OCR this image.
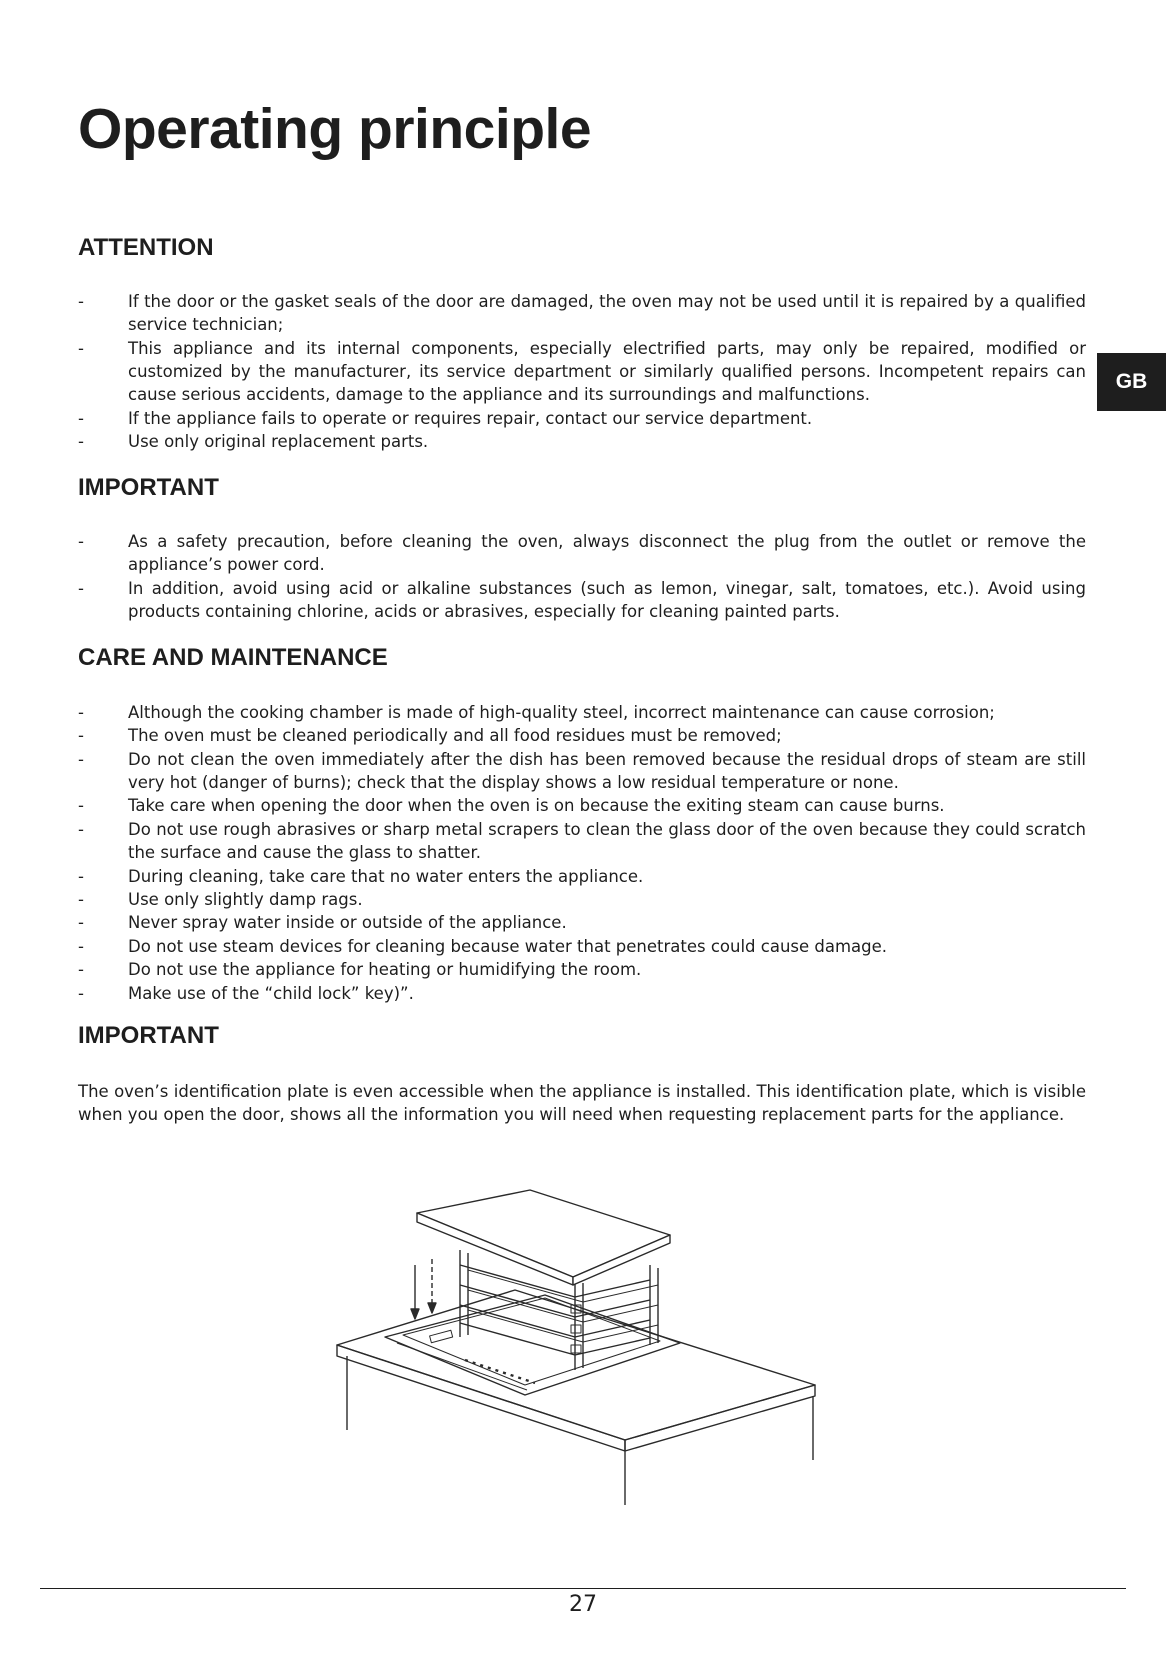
Operating principle
GB
ATTENTION
-	If the door or the gasket seals of the door are damaged, the oven may not be used until it is repaired by a qualified service technician;
-	This appliance and its internal components, especially electrified parts, may only be repaired, modified or customized by the manufacturer, its service department or similarly qualified persons. Incompetent repairs can cause serious accidents, damage to the appliance and its surroundings and malfunctions.
-	If the appliance fails to operate or requires repair, contact our service department.
-	Use only original replacement parts.
IMPORTANT
-	As a safety precaution, before cleaning the oven, always disconnect the plug from the outlet or remove the appliance’s power cord.
-	In addition, avoid using acid or alkaline substances (such as lemon, vinegar, salt, tomatoes, etc.). Avoid using products containing chlorine, acids or abrasives, especially for cleaning painted parts.
CARE AND MAINTENANCE
-	Although the cooking chamber is made of high-quality steel, incorrect maintenance can cause corrosion;
-	The oven must be cleaned periodically and all food residues must be removed;
-	Do not clean the oven immediately after the dish has been removed because the residual drops of steam are still very hot (danger of burns); check that the display shows a low residual temperature or none.
-	Take care when opening the door when the oven is on because the exiting steam can cause burns.
-	Do not use rough abrasives or sharp metal scrapers to clean the glass door of the oven because they could scratch the surface and cause the glass to shatter.
-	During cleaning, take care that no water enters the appliance.
-	Use only slightly damp rags.
-	Never spray water inside or outside of the appliance.
-	Do not use steam devices for cleaning because water that penetrates could cause damage.
-	Do not use the appliance for heating or humidifying the room.
-	Make use of the “child lock” key)”.
IMPORTANT

The oven’s identification plate is even accessible when the appliance is installed. This identification plate, which is visible when you open the door, shows all the information you will need when requesting replacement parts for the appliance.

27
